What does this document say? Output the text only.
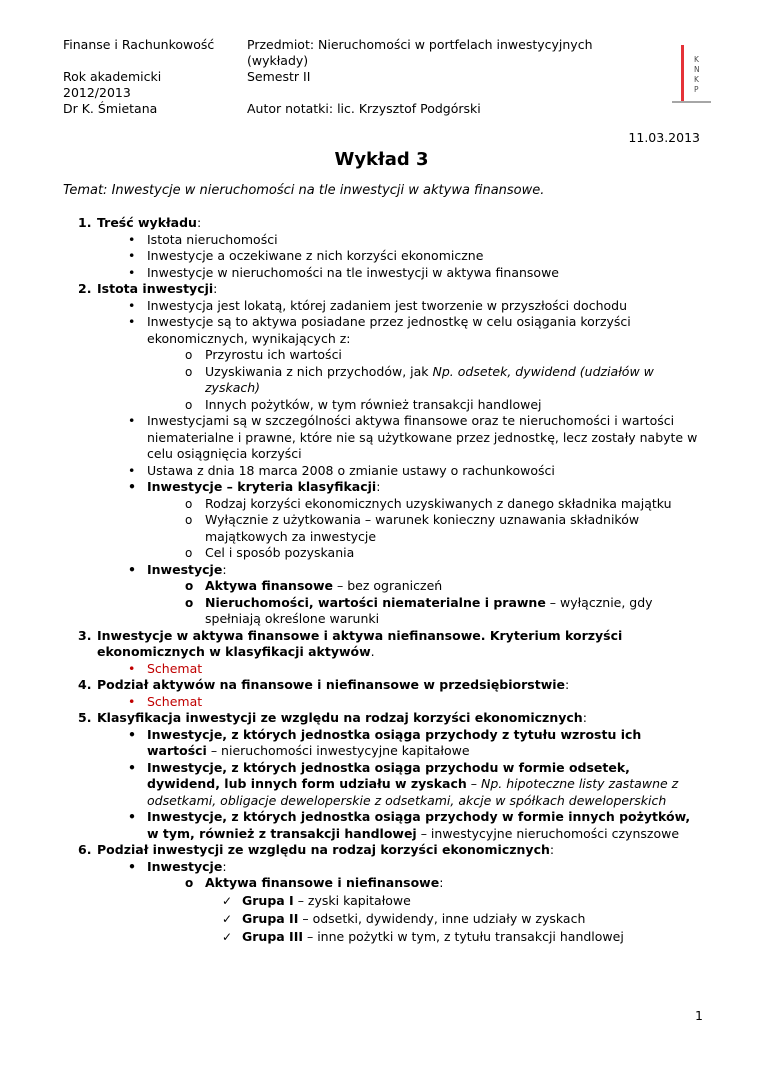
K
N
K
P
Finanse i Rachunkowość
Rok akademicki
2012/2013
Dr K. Śmietana
Przedmiot: Nieruchomości w portfelach inwestycyjnych (wykłady)
Semestr II
Autor notatki: lic. Krzysztof Podgórski
11.03.2013
Wykład 3
Temat: Inwestycje w nieruchomości na tle inwestycji w aktywa finansowe.
1. Treść wykładu:
• Istota nieruchomości
• Inwestycje a oczekiwane z nich korzyści ekonomiczne
• Inwestycje w nieruchomości na tle inwestycji w aktywa finansowe
2. Istota inwestycji:
• Inwestycja jest lokatą, której zadaniem jest tworzenie w przyszłości dochodu
• Inwestycje są to aktywa posiadane przez jednostkę w celu osiągania korzyści ekonomicznych, wynikających z:
o	Przyrostu ich wartości
o	Uzyskiwania z nich przychodów, jak Np. odsetek, dywidend (udziałów w zyskach)
o	Innych pożytków, w tym również transakcji handlowej
• Inwestycjami są w szczególności aktywa finansowe oraz te nieruchomości i wartości niematerialne i prawne, które nie są użytkowane przez jednostkę, lecz zostały nabyte w celu osiągnięcia korzyści
• Ustawa z dnia 18 marca 2008 o zmianie ustawy o rachunkowości
• Inwestycje – kryteria klasyfikacji:
o	Rodzaj korzyści ekonomicznych uzyskiwanych z danego składnika majątku
o	Wyłącznie z użytkowania – warunek konieczny uznawania składników majątkowych za inwestycje
o	Cel i sposób pozyskania
• Inwestycje:
o Aktywa finansowe – bez ograniczeń
o Nieruchomości, wartości niematerialne i prawne – wyłącznie, gdy spełniają określone warunki
3. Inwestycje w aktywa finansowe i aktywa niefinansowe. Kryterium korzyści ekonomicznych w klasyfikacji aktywów.
• Schemat
4. Podział aktywów na finansowe i niefinansowe w przedsiębiorstwie:
• Schemat
5. Klasyfikacja inwestycji ze względu na rodzaj korzyści ekonomicznych:
• Inwestycje, z których jednostka osiąga przychody z tytułu wzrostu ich wartości – nieruchomości inwestycyjne kapitałowe
• Inwestycje, z których jednostka osiąga przychodu w formie odsetek, dywidend, lub innych form udziału w zyskach – Np. hipoteczne listy zastawne z odsetkami, obligacje deweloperskie z odsetkami, akcje w spółkach deweloperskich
• Inwestycje, z których jednostka osiąga przychody w formie innych pożytków, w tym, również z transakcji handlowej – inwestycyjne nieruchomości czynszowe
6. Podział inwestycji ze względu na rodzaj korzyści ekonomicznych:
• Inwestycje:
o Aktywa finansowe i niefinansowe:
✓ Grupa I – zyski kapitałowe
✓ Grupa II – odsetki, dywidendy, inne udziały w zyskach
✓ Grupa III – inne pożytki w tym, z tytułu transakcji handlowej
1
